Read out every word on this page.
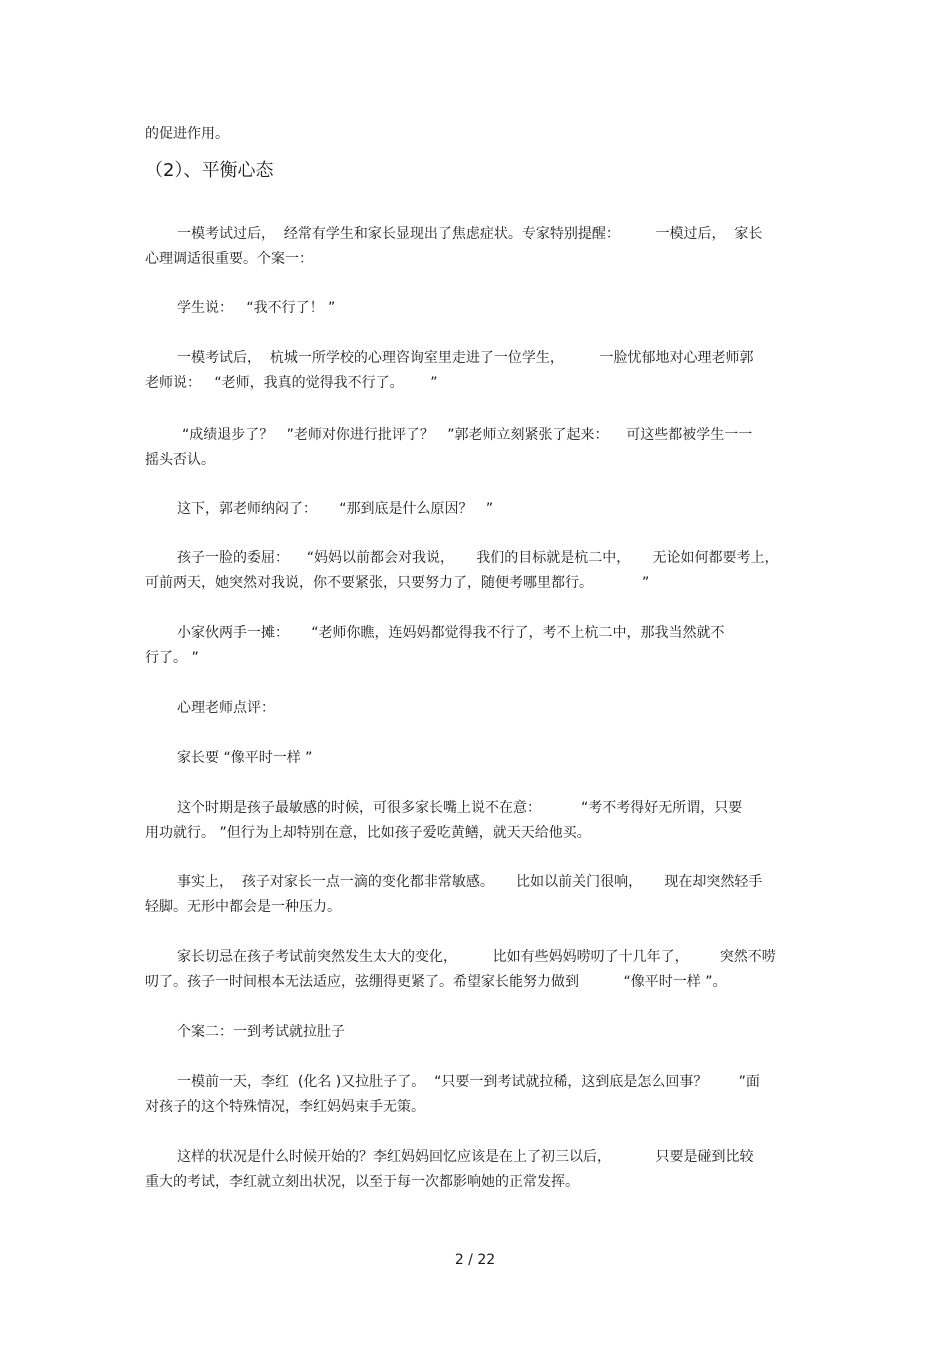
的促进作用。

（2）、平衡心态

一模考试过后，  经常有学生和家长显现出了焦虑症状。专家特别提醒：        一模过后，  家长

心理调适很重要。个案一：

学生说：   “我不行了！ ”

一模考试后，  杭城一所学校的心理咨询室里走进了一位学生，        一脸忧郁地对心理老师郭

老师说：   “老师，我真的觉得我不行了。      ”

“成绩退步了？   ”老师对你进行批评了？   ”郭老师立刻紧张了起来：    可这些都被学生一一

摇头否认。

这下，郭老师纳闷了：     “那到底是什么原因？   ”

孩子一脸的委屈：    “妈妈以前都会对我说，     我们的目标就是杭二中，     无论如何都要考上，

可前两天，她突然对我说，你不要紧张，只要努力了，随便考哪里都行。           ”

小家伙两手一摊：     “老师你瞧，连妈妈都觉得我不行了，考不上杭二中，那我当然就不

行了。 ”

心理老师点评：

家长要 “像平时一样 ”

这个时期是孩子最敏感的时候，可很多家长嘴上说不在意：         “考不考得好无所谓，只要

用功就行。 ”但行为上却特别在意，比如孩子爱吃黄鳝，就天天给他买。

事实上，  孩子对家长一点一滴的变化都非常敏感。     比如以前关门很响，     现在却突然轻手

轻脚。无形中都会是一种压力。

家长切忌在孩子考试前突然发生太大的变化，        比如有些妈妈唠叨了十几年了，       突然不唠

叨了。孩子一时间根本无法适应，弦绷得更紧了。希望家长能努力做到          “像平时一样 ”。

个案二：一到考试就拉肚子

一模前一天，李红  (化名 )又拉肚子了。  “只要一到考试就拉稀，这到底是怎么回事？       ”面

对孩子的这个特殊情况，李红妈妈束手无策。

这样的状况是什么时候开始的？李红妈妈回忆应该是在上了初三以后，          只要是碰到比较

重大的考试，李红就立刻出状况，以至于每一次都影响她的正常发挥。

2 / 22
